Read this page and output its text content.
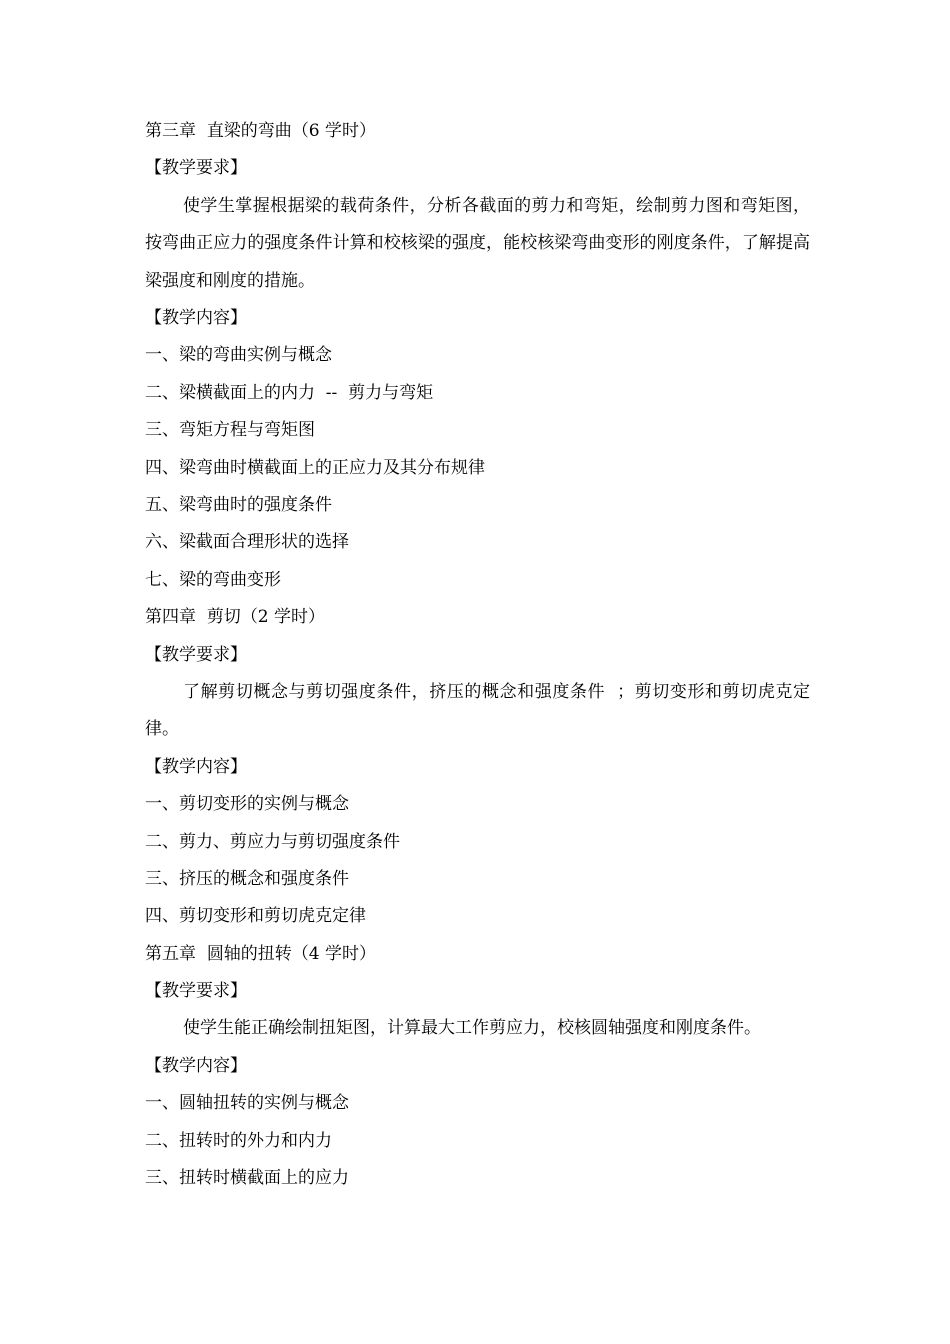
第三章 直梁的弯曲（6 学时）
【教学要求】

使学生掌握根据梁的载荷条件，分析各截面的剪力和弯矩，绘制剪力图和弯矩图，按弯曲正应力的强度条件计算和校核梁的强度，能校核梁弯曲变形的刚度条件，了解提高梁强度和刚度的措施。

【教学内容】
一、梁的弯曲实例与概念
二、梁横截面上的内力  --  剪力与弯矩
三、弯矩方程与弯矩图
四、梁弯曲时横截面上的正应力及其分布规律
五、梁弯曲时的强度条件
六、梁截面合理形状的选择
七、梁的弯曲变形
第四章 剪切（2 学时）
【教学要求】

了解剪切概念与剪切强度条件，挤压的概念和强度条件  ；剪切变形和剪切虎克定律。

【教学内容】
一、剪切变形的实例与概念
二、剪力、剪应力与剪切强度条件
三、挤压的概念和强度条件
四、剪切变形和剪切虎克定律
第五章 圆轴的扭转（4 学时）
【教学要求】

使学生能正确绘制扭矩图，计算最大工作剪应力，校核圆轴强度和刚度条件。

【教学内容】
一、圆轴扭转的实例与概念
二、扭转时的外力和内力
三、扭转时横截面上的应力
